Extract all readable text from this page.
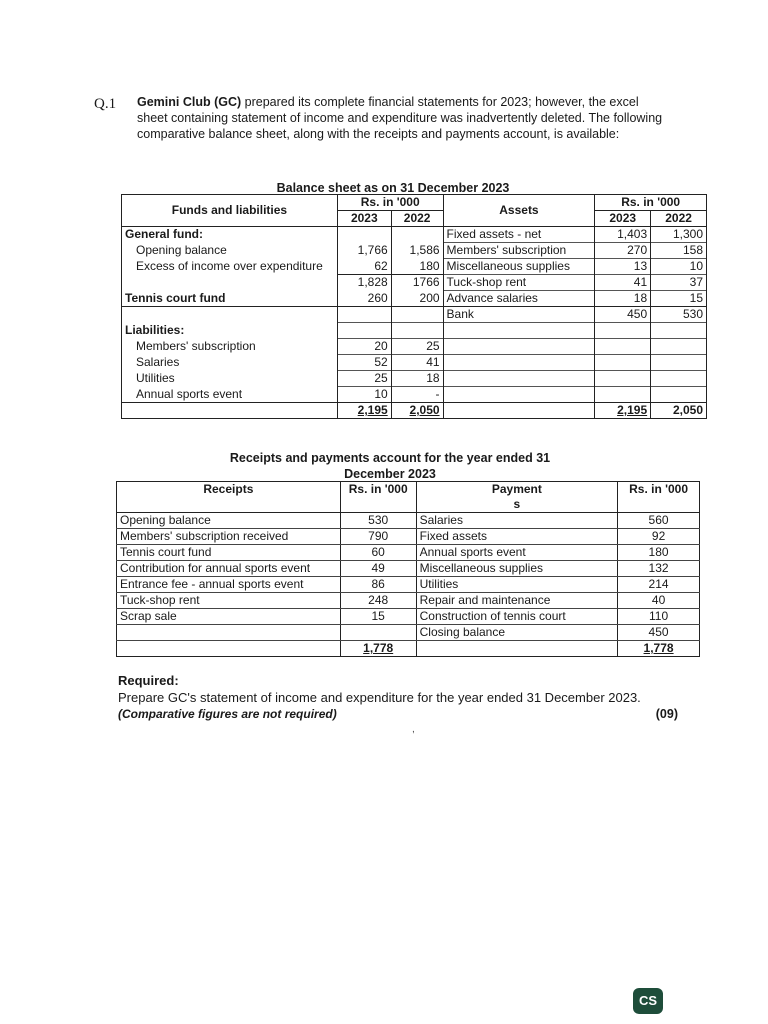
Q.1 Gemini Club (GC) prepared its complete financial statements for 2023; however, the excel sheet containing statement of income and expenditure was inadvertently deleted. The following comparative balance sheet, along with the receipts and payments account, is available:
Balance sheet as on 31 December 2023
Funds and liabilities	Rs. in '000		Assets	Rs. in '000	
	2023	2022		2023	2022
General fund:			Fixed assets - net	1,403	1,300
Opening balance	1,766	1,586	Members' subscription	270	158
Excess of income over expenditure	62	180	Miscellaneous supplies	13	10
	1,828	1766	Tuck-shop rent	41	37
Tennis court fund	260	200	Advance salaries	18	15
			Bank	450	530
Liabilities:					
Members' subscription	20	25			
Salaries	52	41			
Utilities	25	18			
Annual sports event	10	-			
	2,195	2,050		2,195	2,050
Receipts and payments account for the year ended 31
December 2023
Receipts	Rs. in '000	Payment
s	Rs. in '000
Opening balance	530	Salaries	560
Members' subscription received	790	Fixed assets	92
Tennis court fund	60	Annual sports event	180
Contribution for annual sports event	49	Miscellaneous supplies	132
Entrance fee - annual sports event	86	Utilities	214
Tuck-shop rent	248	Repair and maintenance	40
Scrap sale	15	Construction of tennis court	110
		Closing balance	450
	1,778		1,778
Required:
Prepare GC's statement of income and expenditure for the year ended 31 December 2023.
(Comparative figures are not required)	(09)
,
CS
